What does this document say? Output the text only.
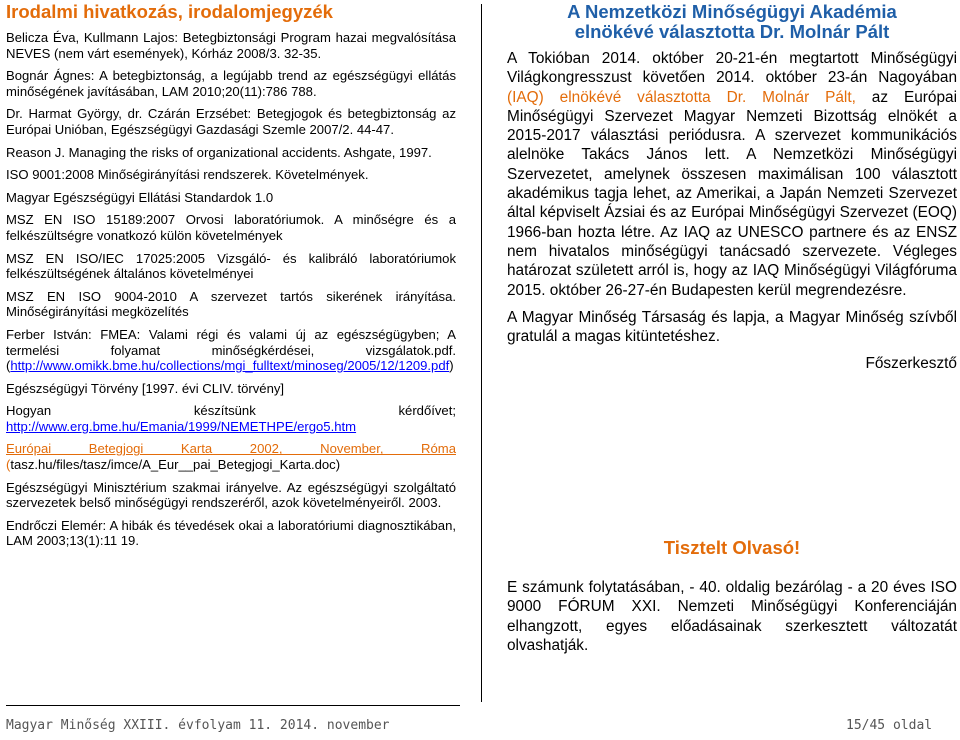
Irodalmi hivatkozás, irodalomjegyzék

Belicza Éva, Kullmann Lajos: Betegbiztonsági Program hazai megvalósítása NEVES (nem várt események), Kórház 2008/3. 32-35.

Bognár Ágnes: A betegbiztonság, a legújabb trend az egészségügyi ellátás minőségének javításában, LAM 2010;20(11):786 788.

Dr. Harmat György, dr. Czárán Erzsébet: Betegjogok és betegbiztonság az Európai Unióban, Egészségügyi Gazdasági Szemle 2007/2. 44-47.

Reason J. Managing the risks of organizational accidents. Ashgate, 1997.

ISO 9001:2008 Minőségirányítási rendszerek. Követelmények.

Magyar Egészségügyi Ellátási Standardok 1.0

MSZ EN ISO 15189:2007 Orvosi laboratóriumok. A minőségre és a felkészültségre vonatkozó külön követelmények

MSZ EN ISO/IEC 17025:2005 Vizsgáló- és kalibráló laboratóriumok felkészültségének általános követelményei

MSZ EN ISO 9004-2010 A szervezet tartós sikerének irányítása. Minőségirányítási megközelítés

Ferber István: FMEA: Valami régi és valami új az egészségügyben; A termelési folyamat minőségkérdései, vizsgálatok.pdf. (http://www.omikk.bme.hu/collections/mgi_fulltext/minoseg/2005/12/1209.pdf)

Egészségügyi Törvény [1997. évi CLIV. törvény]

Hogyan készítsünk kérdőívet;
http://www.erg.bme.hu/Emania/1999/NEMETHPE/ergo5.htm

Európai Betegjogi Karta 2002, November, Róma
(tasz.hu/files/tasz/imce/A_Eur__pai_Betegjogi_Karta.doc)

Egészségügyi Minisztérium szakmai irányelve. Az egészségügyi szolgáltató szervezetek belső minőségügyi rendszeréről, azok követelményeiről. 2003.

Endrőczi Elemér: A hibák és tévedések okai a laboratóriumi diagnosztikában, LAM 2003;13(1):11 19.

A Nemzetközi Minőségügyi Akadémia
elnökévé választotta Dr. Molnár Pált

A Tokióban 2014. október 20-21-én megtartott Minőségügyi Világkongresszust követően 2014. október 23-án Nagoyában (IAQ) elnökévé választotta Dr. Molnár Pált, az Európai Minőségügyi Szervezet Magyar Nemzeti Bizottság elnökét a 2015-2017 választási periódusra. A szervezet kommunikációs alelnöke Takács János lett. A Nemzetközi Minőségügyi Szervezetet, amelynek összesen maximálisan 100 választott akadémikus tagja lehet, az Amerikai, a Japán Nemzeti Szervezet által képviselt Ázsiai és az Európai Minőségügyi Szervezet (EOQ) 1966-ban hozta létre. Az IAQ az UNESCO partnere és az ENSZ nem hivatalos minőségügyi tanácsadó szervezete. Végleges határozat született arról is, hogy az IAQ Minőségügyi Világfóruma 2015. október 26-27-én Budapesten kerül megrendezésre.

A Magyar Minőség Társaság és lapja, a Magyar Minőség szívből gratulál a magas kitüntetéshez.

Főszerkesztő

Tisztelt Olvasó!
E számunk folytatásában, - 40. oldalig bezárólag - a 20 éves ISO 9000 FÓRUM XXI. Nemzeti Minőségügyi Konferenciáján elhangzott, egyes előadásainak szerkesztett változatát olvashatják.
Magyar Minőség XXIII. évfolyam 11. 2014. november	15/45 oldal
